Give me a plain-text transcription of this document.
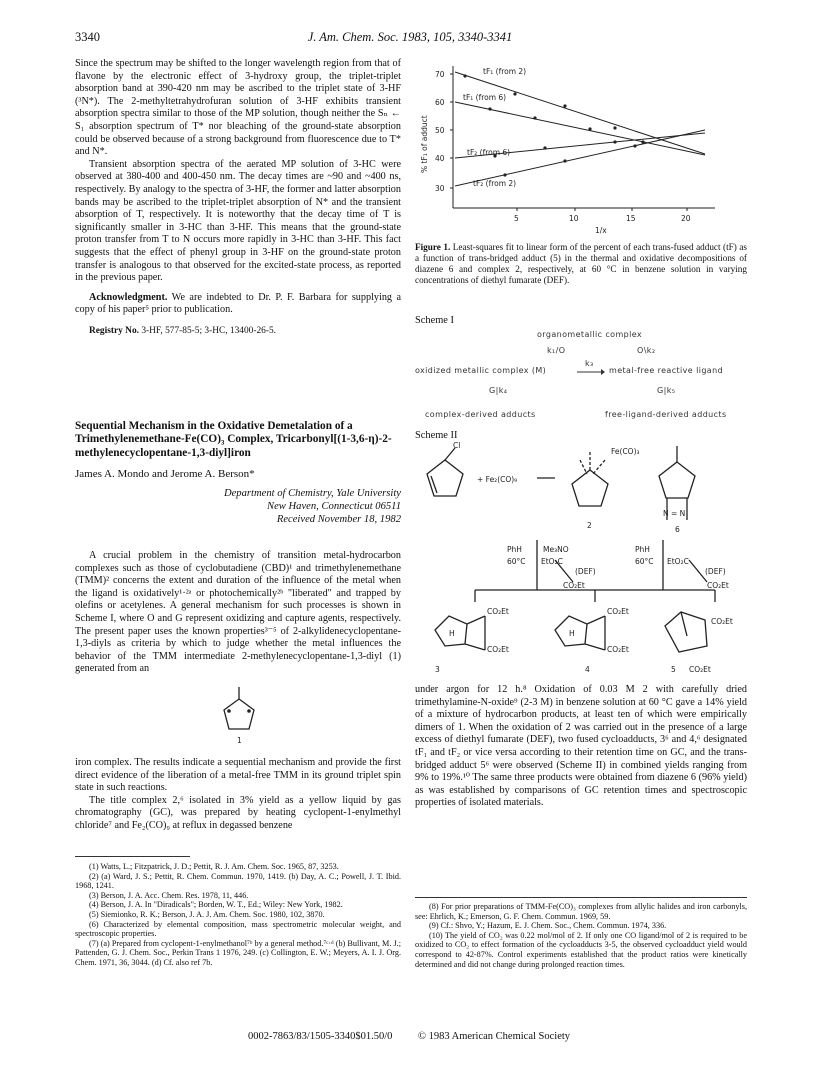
3340	J. Am. Chem. Soc. 1983, 105, 3340-3341

Since the spectrum may be shifted to the longer wavelength region from that of flavone by the electronic effect of 3-hydroxy group, the triplet-triplet absorption band at 390-420 nm may be ascribed to the triplet state of 3-HF (³N*). The 2-methyltetrahydrofuran solution of 3-HF exhibits transient absorption spectra similar to those of the MP solution, though neither the Sₙ ← S₁ absorption spectrum of T* nor bleaching of the ground-state absorption could be observed because of a strong background from fluorescence due to T* and N*.

Transient absorption spectra of the aerated MP solution of 3-HC were observed at 380-400 and 400-450 nm. The decay times are ~90 and ~400 ns, respectively. By analogy to the spectra of 3-HF, the former and latter absorption bands may be ascribed to the triplet-triplet absorption of N* and the transient absorption of T, respectively. It is noteworthy that the decay time of T is significantly smaller in 3-HC than 3-HF. This means that the ground-state proton transfer from T to N occurs more rapidly in 3-HC than 3-HF. This fact suggests that the effect of phenyl group in 3-HF on the ground-state proton transfer is analogous to that observed for the excited-state process, as reported in the previous paper.

Acknowledgment. We are indebted to Dr. P. F. Barbara for supplying a copy of his paper⁵ prior to publication.

Registry No. 3-HF, 577-85-5; 3-HC, 13400-26-5.

Sequential Mechanism in the Oxidative Demetalation of a Trimethylenemethane-Fe(CO)₃ Complex, Tricarbonyl[(1-3,6-η)-2-methylenecyclopentane-1,3-diyl]iron
James A. Mondo and Jerome A. Berson*
Department of Chemistry, Yale University
New Haven, Connecticut 06511
Received November 18, 1982

A crucial problem in the chemistry of transition metal-hydrocarbon complexes such as those of cyclobutadiene (CBD)¹ and trimethylenemethane (TMM)² concerns the extent and duration of the influence of the metal when the ligand is oxidatively¹·²ᵃ or photochemically²ᵇ "liberated" and trapped by olefins or acetylenes. A general mechanism for such processes is shown in Scheme I, where O and G represent oxidizing and capture agents, respectively. The present paper uses the known properties³⁻⁵ of 2-alkylidenecyclopentane-1,3-diyls as criteria by which to judge whether the metal influences the behavior of the TMM intermediate 2-methylenecyclopentane-1,3-diyl (1) generated from an

1

iron complex. The results indicate a sequential mechanism and provide the first direct evidence of the liberation of a metal-free TMM in its ground triplet spin state in such reactions.

The title complex 2,⁶ isolated in 3% yield as a yellow liquid by gas chromatography (GC), was prepared by heating cyclopent-1-enylmethyl chloride⁷ and Fe₂(CO)₉ at reflux in degassed benzene

(1) Watts, L.; Fitzpatrick, J. D.; Pettit, R. J. Am. Chem. Soc. 1965, 87, 3253.

(2) (a) Ward, J. S.; Pettit, R. Chem. Commun. 1970, 1419. (b) Day, A. C.; Powell, J. T. Ibid. 1968, 1241.

(3) Berson, J. A. Acc. Chem. Res. 1978, 11, 446.

(4) Berson, J. A. In "Diradicals"; Borden, W. T., Ed.; Wiley: New York, 1982.

(5) Siemionko, R. K.; Berson, J. A. J. Am. Chem. Soc. 1980, 102, 3870.

(6) Characterized by elemental composition, mass spectrometric molecular weight, and spectroscopic properties.

(7) (a) Prepared from cyclopent-1-enylmethanol⁷ᵇ by a general method.⁷ᶜ·ᵈ (b) Bullivant, M. J.; Pattenden, G. J. Chem. Soc., Perkin Trans 1 1976, 249. (c) Collington, E. W.; Meyers, A. I. J. Org. Chem. 1971, 36, 3044. (d) Cf. also ref 7b.

70
60
50
40
30
5	10	15	20
1/x
% tF₁ of adduct
tF₁ (from 2)
tF₁ (from 6)
tF₂ (from 6)
tF₂ (from 2)
Figure 1. Least-squares fit to linear form of the percent of each trans-fused adduct (tF) as a function of trans-bridged adduct (5) in the thermal and oxidative decompositions of diazene 6 and complex 2, respectively, at 60 °C in benzene solution in varying concentrations of diethyl fumarate (DEF).
Scheme I
organometallic complex
k₁/O	O\k₂
oxidized metallic complex (M)
k₃
metal-free reactive ligand
G|k₄	G|k₅
complex-derived adducts	free-ligand-derived adducts
Scheme II
Cl
+ Fe₂(CO)₉
Fe(CO)₃
2
N = N
6
PhH
60°C
Me₃NO
EtO₂C
(DEF)
CO₂Et
PhH
60°C EtO₂C
(DEF)
CO₂Et
CO₂Et
CO₂Et
CO₂Et
CO₂Et
CO₂Et
CO₂Et
H	H
3	4	5

under argon for 12 h.⁸ Oxidation of 0.03 M 2 with carefully dried trimethylamine-N-oxide⁹ (2-3 M) in benzene solution at 60 °C gave a 14% yield of a mixture of hydrocarbon products, at least ten of which were empirically dimers of 1. When the oxidation of 2 was carried out in the presence of a large excess of diethyl fumarate (DEF), two fused cycloadducts, 3⁶ and 4,⁶ designated tF₁ and tF₂ or vice versa according to their retention time on GC, and the trans-bridged adduct 5⁶ were observed (Scheme II) in combined yields ranging from 9% to 19%.¹⁰ The same three products were obtained from diazene 6 (96% yield) as was established by comparisons of GC retention times and spectroscopic properties of isolated materials.

(8) For prior preparations of TMM-Fe(CO)₃ complexes from allylic halides and iron carbonyls, see: Ehrlich, K.; Emerson, G. F. Chem. Commun. 1969, 59.

(9) Cf.: Shvo, Y.; Hazum, E. J. Chem. Soc., Chem. Commun. 1974, 336.

(10) The yield of CO₂ was 0.22 mol/mol of 2. If only one CO ligand/mol of 2 is required to be oxidized to CO₂ to effect formation of the cycloadducts 3-5, the observed cycloadduct yield would correspond to 42-87%. Control experiments established that the product ratios were kinetically determined and did not change during prolonged reaction times.

0002-7863/83/1505-3340$01.50/0 © 1983 American Chemical Society
